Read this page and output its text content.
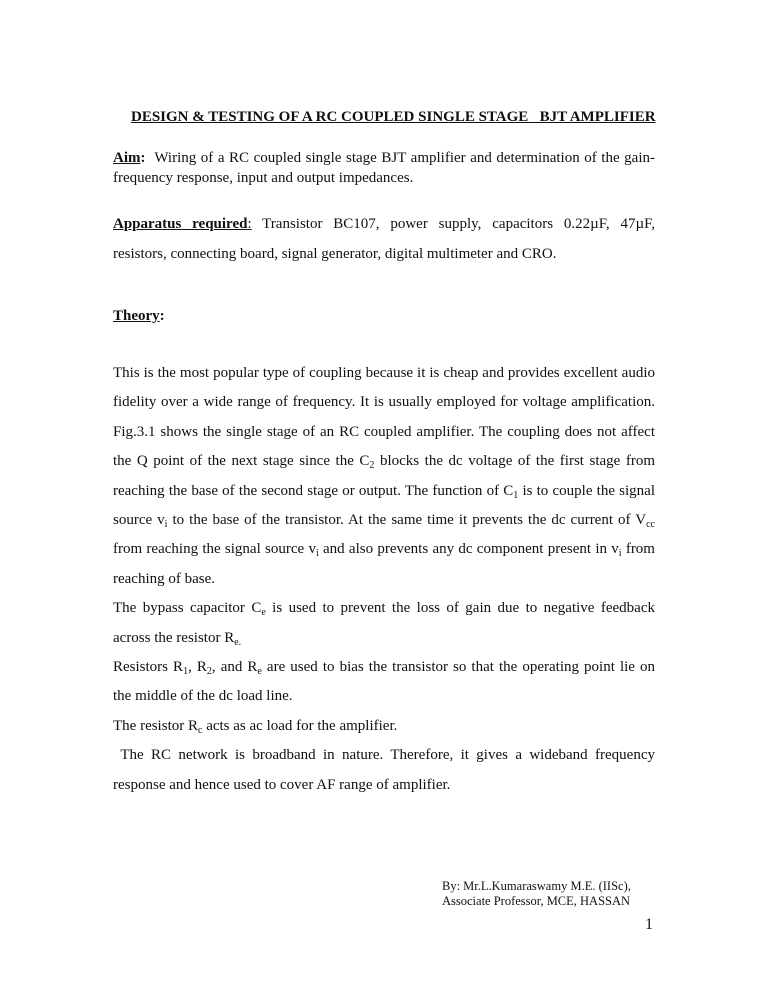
DESIGN & TESTING OF A RC COUPLED SINGLE STAGE   BJT AMPLIFIER
Aim: Wiring of a RC coupled single stage BJT amplifier and determination of the gain-
frequency response, input and output impedances.
Apparatus required: Transistor BC107, power supply, capacitors 0.22µF, 47µF,
resistors, connecting board, signal generator, digital multimeter and CRO.
Theory:
This is the most popular type of coupling because it is cheap and provides excellent audio
fidelity over a wide range of frequency. It is usually employed for voltage amplification.
Fig.3.1 shows the single stage of an RC coupled amplifier. The coupling does not affect
the Q point of the next stage since the $C_2$ blocks the dc voltage of the first stage from
reaching the base of the second stage or output. The function of $C_1$ is to couple the signal
source $v_i$ to the base of the transistor. At the same time it prevents the dc current of $V_{cc}$
from reaching the signal source $v_i$ and also prevents any dc component present in $v_i$ from
reaching of base.
The bypass capacitor $C_e$ is used to prevent the loss of gain due to negative feedback
across the resistor $R_{e.}$
Resistors $R_1$, $R_2$, and $R_e$ are used to bias the transistor so that the operating point lie on
the middle of the dc load line.
The resistor $R_c$ acts as ac load for the amplifier.
The RC network is broadband in nature. Therefore, it gives a wideband frequency
response and hence used to cover AF range of amplifier.
By: Mr.L.Kumaraswamy M.E. (IISc),
Associate Professor, MCE, HASSAN
1
